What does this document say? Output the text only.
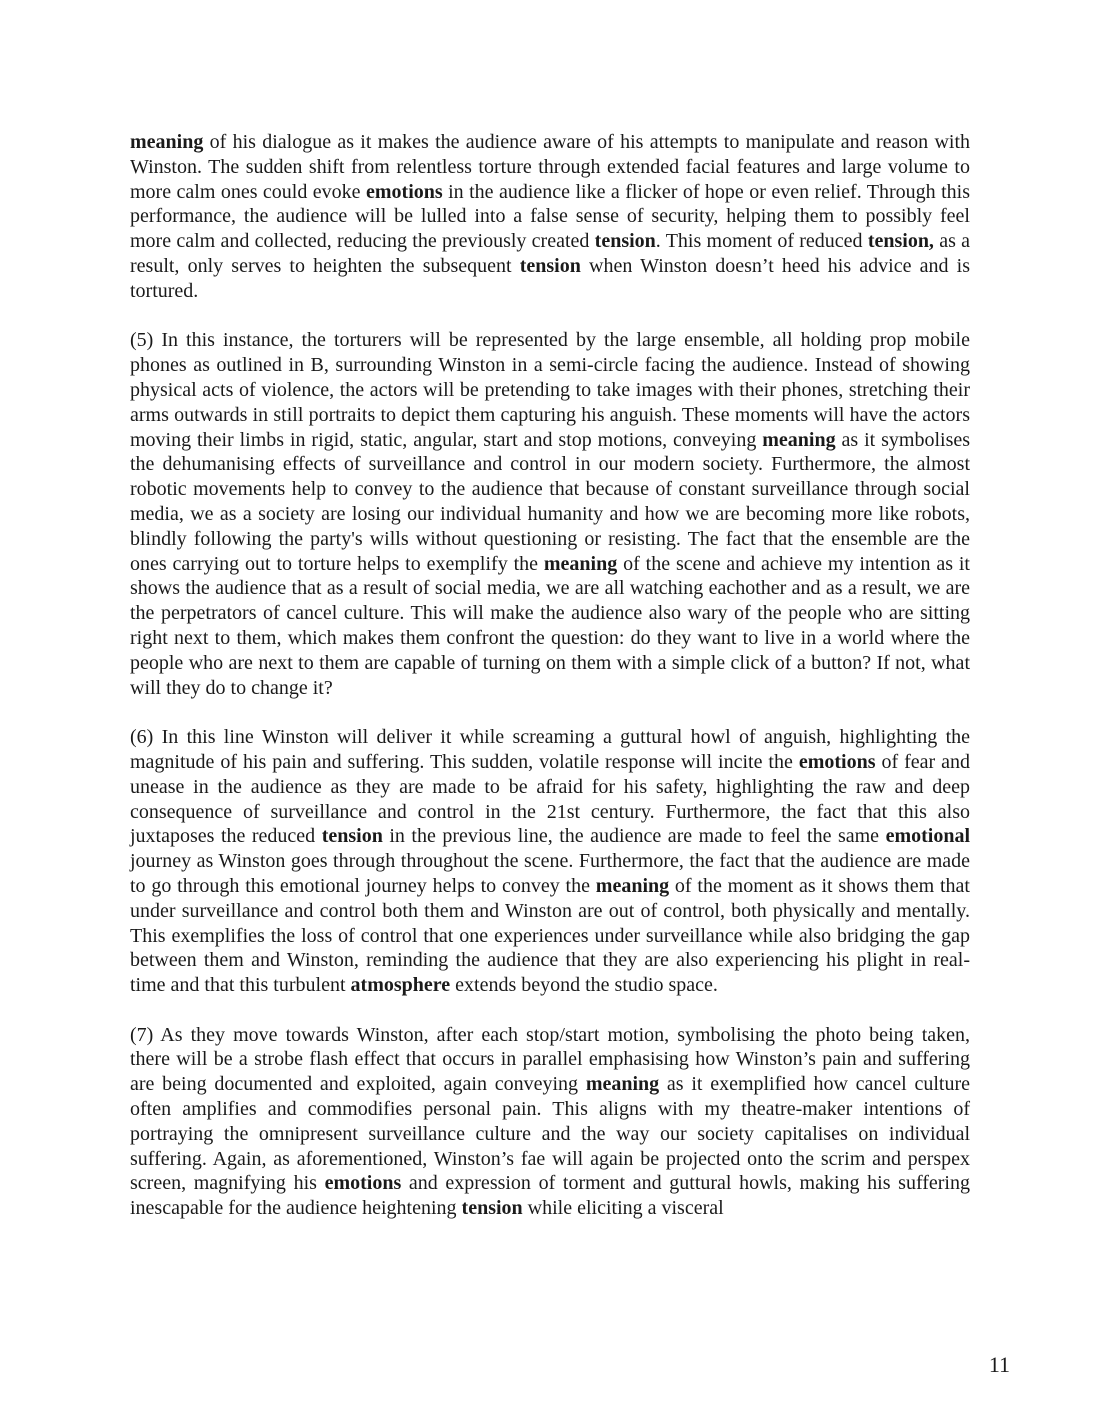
meaning of his dialogue as it makes the audience aware of his attempts to manipulate and reason with Winston. The sudden shift from relentless torture through extended facial features and large volume to more calm ones could evoke emotions in the audience like a flicker of hope or even relief. Through this performance, the audience will be lulled into a false sense of security, helping them to possibly feel more calm and collected, reducing the previously created tension. This moment of reduced tension, as a result, only serves to heighten the subsequent tension when Winston doesn’t heed his advice and is tortured.

(5) In this instance, the torturers will be represented by the large ensemble, all holding prop mobile phones as outlined in B, surrounding Winston in a semi-circle facing the audience. Instead of showing physical acts of violence, the actors will be pretending to take images with their phones, stretching their arms outwards in still portraits to depict them capturing his anguish. These moments will have the actors moving their limbs in rigid, static, angular, start and stop motions, conveying meaning as it symbolises the dehumanising effects of surveillance and control in our modern society. Furthermore, the almost robotic movements help to convey to the audience that because of constant surveillance through social media, we as a society are losing our individual humanity and how we are becoming more like robots, blindly following the party's wills without questioning or resisting. The fact that the ensemble are the ones carrying out to torture helps to exemplify the meaning of the scene and achieve my intention as it shows the audience that as a result of social media, we are all watching eachother and as a result, we are the perpetrators of cancel culture. This will make the audience also wary of the people who are sitting right next to them, which makes them confront the question: do they want to live in a world where the people who are next to them are capable of turning on them with a simple click of a button? If not, what will they do to change it?

(6) In this line Winston will deliver it while screaming a guttural howl of anguish, highlighting the magnitude of his pain and suffering. This sudden, volatile response will incite the emotions of fear and unease in the audience as they are made to be afraid for his safety, highlighting the raw and deep consequence of surveillance and control in the 21st century. Furthermore, the fact that this also juxtaposes the reduced tension in the previous line, the audience are made to feel the same emotional journey as Winston goes through throughout the scene. Furthermore, the fact that the audience are made to go through this emotional journey helps to convey the meaning of the moment as it shows them that under surveillance and control both them and Winston are out of control, both physically and mentally. This exemplifies the loss of control that one experiences under surveillance while also bridging the gap between them and Winston, reminding the audience that they are also experiencing his plight in real-time and that this turbulent atmosphere extends beyond the studio space.

(7) As they move towards Winston, after each stop/start motion, symbolising the photo being taken, there will be a strobe flash effect that occurs in parallel emphasising how Winston’s pain and suffering are being documented and exploited, again conveying meaning as it exemplified how cancel culture often amplifies and commodifies personal pain. This aligns with my theatre-maker intentions of portraying the omnipresent surveillance culture and the way our society capitalises on individual suffering. Again, as aforementioned, Winston’s fae will again be projected onto the scrim and perspex screen, magnifying his emotions and expression of torment and guttural howls, making his suffering inescapable for the audience heightening tension while eliciting a visceral

11
